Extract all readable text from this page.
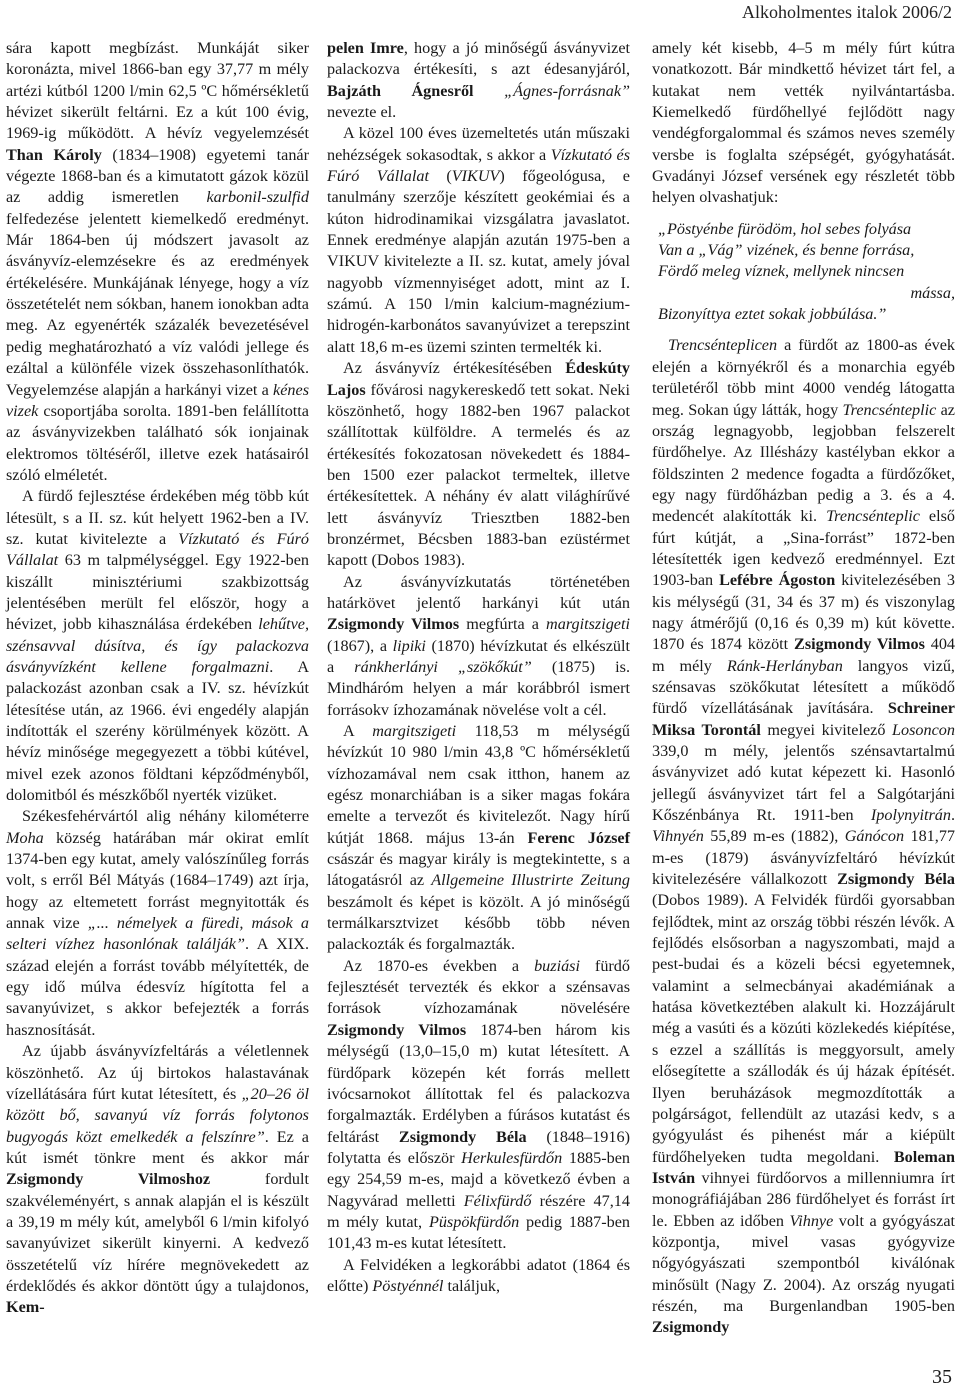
Alkoholmentes italok 2006/2

sára kapott megbízást. Munkáját siker koronázta, mivel 1866-ban egy 37,77 m mély artézi kútból 1200 l/min 62,5 ºC hőmérsékletű hévizet sikerült feltárni. Ez a kút 100 évig, 1969-ig működött. A hévíz vegyelemzését Than Károly (1834–1908) egyetemi tanár végezte 1868-ban és a kimutatott gázok közül az addig ismeretlen karbonil-szulfid felfedezése jelentett kiemelkedő eredményt. Már 1864-ben új módszert javasolt az ásványvíz-elemzésekre és az eredmények értékelésére. Munkájának lényege, hogy a víz összetételét nem sókban, hanem ionokban adta meg. Az egyenérték százalék bevezetésével pedig meghatározható a víz valódi jellege és ezáltal a különféle vizek összehasonlíthatók. Vegyelemzése alapján a harkányi vizet a kénes vizek csoportjába sorolta. 1891-ben felállította az ásványvizekben található sók ionjainak elektromos töltéséről, illetve ezek hatásairól szóló elméletét.

A fürdő fejlesztése érdekében még több kút létesült, s a II. sz. kút helyett 1962-ben a IV. sz. kutat kivitelezte a Vízkutató és Fúró Vállalat 63 m talpmélységgel. Egy 1922-ben kiszállt minisztériumi szakbizottság jelentésében merült fel először, hogy a hévizet, jobb kihasználása érdekében lehűtve, szénsavval dúsítva, és így palackozva ásványvízként kellene forgalmazni. A palackozást azonban csak a IV. sz. hévízkút létesítése után, az 1966. évi engedély alapján indították el szerény körülmények között. A hévíz minősége megegyezett a többi kútével, mivel ezek azonos földtani képződményből, dolomitból és mészkőből nyerték vizüket.

Székesfehérvártól alig néhány kilométerre Moha község határában már okirat említ 1374-ben egy kutat, amely valószínűleg forrás volt, s erről Bél Mátyás (1684–1749) azt írja, hogy az eltemetett forrást megnyitották és annak vize „... némelyek a füredi, mások a selteri vízhez hasonlónak találják”. A XIX. század elején a forrást tovább mélyítették, de egy idő múlva édesvíz hígította fel a savanyúvizet, s akkor befejezték a forrás hasznosítását.

Az újabb ásványvízfeltárás a véletlennek köszönhető. Az új birtokos halastavának vízellátására fúrt kutat létesített, és „20–26 öl között bő, savanyú víz forrás folytonos bugyogás közt emelkedék a felszínre”. Ez a kút ismét tönkre ment és akkor már Zsigmondy Vilmoshoz fordult szakvéleményért, s annak alapján el is készült a 39,19 m mély kút, amelyből 6 l/min kifolyó savanyúvizet sikerült kinyerni. A kedvező összetételű víz hírére megnövekedett az érdeklődés és akkor döntött úgy a tulajdonos, Kem-

pelen Imre, hogy a jó minőségű ásványvizet palackozva értékesíti, s azt édesanyjáról, Bajzáth Ágnesről „Ágnes-forrásnak” nevezte el.

A közel 100 éves üzemeltetés után műszaki nehézségek sokasodtak, s akkor a Vízkutató és Fúró Vállalat (VIKUV) főgeológusa, e tanulmány szerzője készített geokémiai és a kúton hidrodinamikai vizsgálatra javaslatot. Ennek eredménye alapján azután 1975-ben a VIKUV kivitelezte a II. sz. kutat, amely jóval nagyobb vízmennyiséget adott, mint az I. számú. A 150 l/min kalcium-magnézium-hidrogén-karbonátos savanyúvizet a terepszint alatt 18,6 m-es üzemi szinten termelték ki.

Az ásványvíz értékesítésében Édeskúty Lajos fővárosi nagykereskedő tett sokat. Neki köszönhető, hogy 1882-ben 1967 palackot szállítottak külföldre. A termelés és az értékesítés fokozatosan növekedett és 1884-ben 1500 ezer palackot termeltek, illetve értékesítettek. A néhány év alatt világhírűvé lett ásványvíz Triesztben 1882-ben bronzérmet, Bécsben 1883-ban ezüstérmet kapott (Dobos 1983).

Az ásványvízkutatás történetében határkövet jelentő harkányi kút után Zsigmondy Vilmos megfúrta a margitszigeti (1867), a lipiki (1870) hévízkutat és elkészült a ránkherlányi „szökőkút” (1875) is. Mindháróm helyen a már korábbról ismert forrásokv ízhozamának növelése volt a cél.

A margitszigeti 118,53 m mélységű hévízkút 10 980 l/min 43,8 ºC hőmérsékletű vízhozamával nem csak itthon, hanem az egész monarchiában is a siker magas fokára emelte a tervezőt és kivitelezőt. Nagy hírű kútját 1868. május 13-án Ferenc József császár és magyar király is megtekintette, s a látogatásról az Allgemeine Illustrirte Zeitung beszámolt és képet is közölt. A jó minőségű termálkarsztvizet később több néven palackozták és forgalmazták.

Az 1870-es években a buziási fürdő fejlesztését tervezték és ekkor a szénsavas források vízhozamának növelésére Zsigmondy Vilmos 1874-ben három kis mélységű (13,0–15,0 m) kutat létesített. A fürdőpark közepén két forrás mellett ivócsarnokot állítottak fel és palackozva forgalmazták. Erdélyben a fúrásos kutatást és feltárást Zsigmondy Béla (1848–1916) folytatta és először Herkulesfürdőn 1885-ben egy 254,59 m-es, majd a következő évben a Nagyvárad melletti Félixfürdő részére 47,14 m mély kutat, Püspökfürdőn pedig 1887-ben 101,43 m-es kutat létesített.

A Felvidéken a legkorábbi adatot (1864 és előtte) Pöstyénnél találjuk,

amely két kisebb, 4–5 m mély fúrt kútra vonatkozott. Bár mindkettő hévizet tárt fel, a kutakat nem vették nyilvántartásba. Kiemelkedő fürdőhellyé fejlődött nagy vendégforgalommal és számos neves személy versbe is foglalta szépségét, gyógyhatását. Gvadányi József versének egy részletét több helyen olvashatjuk:

„Pöstyénbe fürödöm, hol sebes folyása
Van a „Vág” vizének, és benne forrása,
Fördő meleg víznek, mellynek nincsen
mássa,
Bizonyíttya eztet sokak jobbúlása.”

Trencsénteplicen a fürdőt az 1800-as évek elején a környékről és a monarchia egyéb területéről több mint 4000 vendég látogatta meg. Sokan úgy látták, hogy Trencsénteplic az ország legnagyobb, legjobban felszerelt fürdőhelye. Az Illésházy kastélyban ekkor a földszinten 2 medence fogadta a fürdőzőket, egy nagy fürdőházban pedig a 3. és a 4. medencét alakították ki. Trencsénteplic első fúrt kútját, a „Sina-forrást” 1872-ben létesítették igen kedvező eredménnyel. Ezt 1903-ban Lefébre Ágoston kivitelezésében 3 kis mélységű (31, 34 és 37 m) és viszonylag nagy átmérőjű (0,16 és 0,39 m) kút követte. 1870 és 1874 között Zsigmondy Vilmos 404 m mély Ránk-Herlányban langyos vizű, szénsavas szökőkutat létesített a működő fürdő vízellátásának javítására. Schreiner Miksa Torontál megyei kivitelező Losoncon 339,0 m mély, jelentős szénsavtartalmú ásványvizet adó kutat képezett ki. Hasonló jellegű ásványvizet tárt fel a Salgótarjáni Kőszénbánya Rt. 1911-ben Ipolynyitrán. Vihnyén 55,89 m-es (1882), Gánócon 181,77 m-es (1879) ásványvízfeltáró hévízkút kivitelezésére vállalkozott Zsigmondy Béla (Dobos 1989). A Felvidék fürdői gyorsabban fejlődtek, mint az ország többi részén lévők. A fejlődés elsősorban a nagyszombati, majd a pest-budai és a közeli bécsi egyetemnek, valamint a selmecbányai akadémiának a hatása következtében alakult ki. Hozzájárult még a vasúti és a közúti közlekedés kiépítése, s ezzel a szállítás is meggyorsult, amely elősegítette a szállodák és új házak építését. Ilyen beruházások megmozdították a polgárságot, fellendült az utazási kedv, s a gyógyulást és pihenést már a kiépült fürdőhelyeken tudta megoldani. Boleman István vihnyei fürdőorvos a millenniumra írt monográfiájában 286 fürdőhelyet és forrást írt le. Ebben az időben Vihnye volt a gyógyászat központja, mivel vasas gyógyvize nőgyógyászati szempontból kiválónak minősült (Nagy Z. 2004). Az ország nyugati részén, ma Burgenlandban 1905-ben Zsigmondy

35
